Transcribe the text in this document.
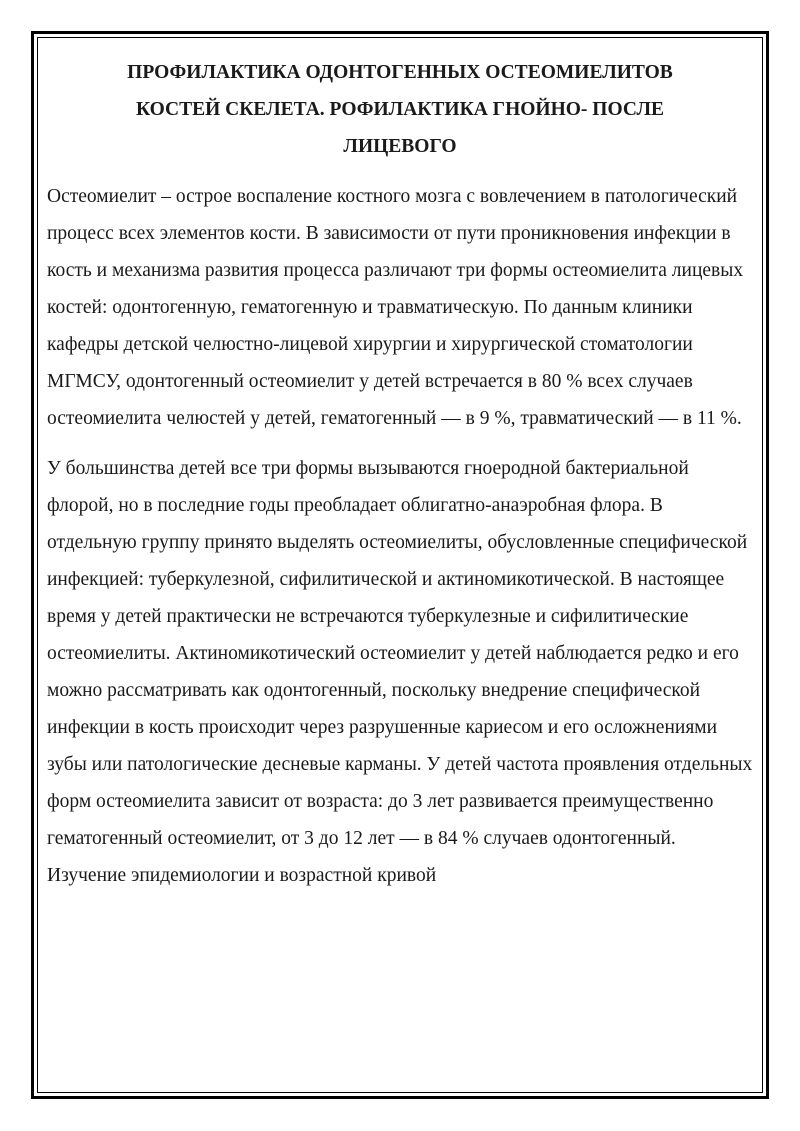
ПРОФИЛАКТИКА ОДОНТОГЕННЫХ ОСТЕОМИЕЛИТОВ
КОСТЕЙ СКЕЛЕТА. РОФИЛАКТИКА ГНОЙНО- ПОСЛЕ
ЛИЦЕВОГО

Остеомиелит – острое воспаление костного мозга с вовлечением в патологический процесс всех элементов кости. В зависимости от пути проникновения инфекции в кость и механизма развития процесса различают три формы остеомиелита лицевых костей: одонтогенную, гематогенную и травматическую. По данным клиники кафедры детской челюстно-лицевой хирургии и хирургической стоматологии МГМСУ, одонтогенный остеомиелит у детей встречается в 80 % всех случаев остеомиелита челюстей у детей, гематогенный — в 9 %, травматический — в 11 %.

У большинства детей все три формы вызываются гноеродной бактериальной флорой, но в последние годы преобладает облигатно-анаэробная флора. В отдельную группу принято выделять остеомиелиты, обусловленные специфической инфекцией: туберкулезной, сифилитической и актиномикотической. В настоящее время у детей практически не встречаются туберкулезные и сифилитические остеомиелиты. Актиномикотический остеомиелит у детей наблюдается редко и его можно рассматривать как одонтогенный, поскольку внедрение специфической инфекции в кость происходит через разрушенные кариесом и его осложнениями зубы или патологические десневые карманы. У детей частота проявления отдельных форм остеомиелита зависит от возраста: до 3 лет развивается преимущественно гематогенный остеомиелит, от 3 до 12 лет — в 84 % случаев одонтогенный. Изучение эпидемиологии и возрастной кривой
